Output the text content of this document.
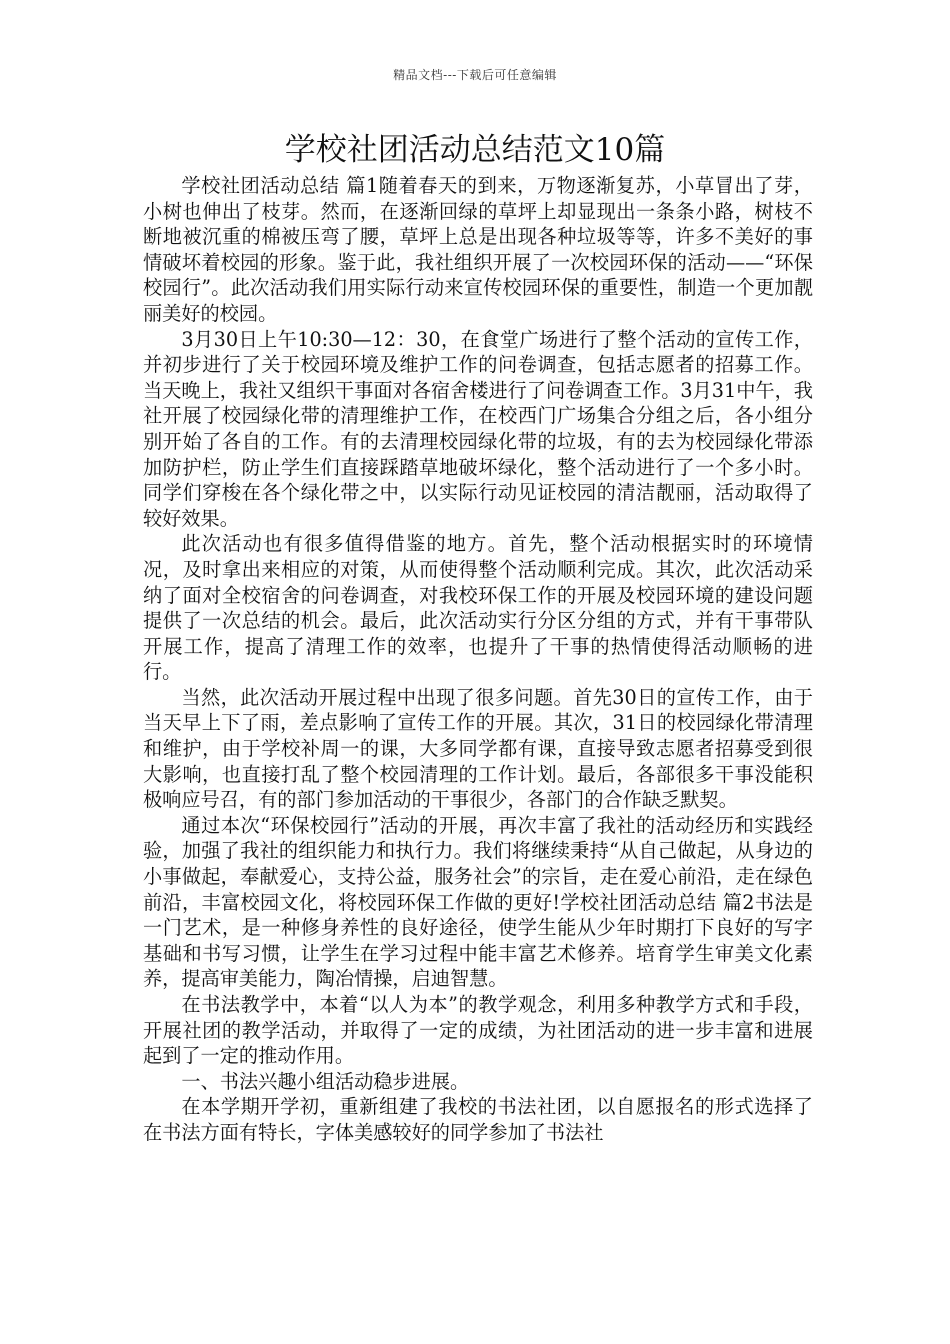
精品文档---下载后可任意编辑
学校社团活动总结范文10篇

学校社团活动总结 篇1随着春天的到来，万物逐渐复苏，小草冒出了芽，小树也伸出了枝芽。然而，在逐渐回绿的草坪上却显现出一条条小路，树枝不断地被沉重的棉被压弯了腰，草坪上总是出现各种垃圾等等，许多不美好的事情破坏着校园的形象。鉴于此，我社组织开展了一次校园环保的活动——“环保校园行”。此次活动我们用实际行动来宣传校园环保的重要性，制造一个更加靓丽美好的校园。

3月30日上午10:30—12：30，在食堂广场进行了整个活动的宣传工作，并初步进行了关于校园环境及维护工作的问卷调查，包括志愿者的招募工作。当天晚上，我社又组织干事面对各宿舍楼进行了问卷调查工作。3月31中午，我社开展了校园绿化带的清理维护工作，在校西门广场集合分组之后，各小组分别开始了各自的工作。有的去清理校园绿化带的垃圾，有的去为校园绿化带添加防护栏，防止学生们直接踩踏草地破坏绿化，整个活动进行了一个多小时。同学们穿梭在各个绿化带之中，以实际行动见证校园的清洁靓丽，活动取得了较好效果。

此次活动也有很多值得借鉴的地方。首先，整个活动根据实时的环境情况，及时拿出来相应的对策，从而使得整个活动顺利完成。其次，此次活动采纳了面对全校宿舍的问卷调查，对我校环保工作的开展及校园环境的建设问题提供了一次总结的机会。最后，此次活动实行分区分组的方式，并有干事带队开展工作，提高了清理工作的效率，也提升了干事的热情使得活动顺畅的进行。

当然，此次活动开展过程中出现了很多问题。首先30日的宣传工作，由于当天早上下了雨，差点影响了宣传工作的开展。其次，31日的校园绿化带清理和维护，由于学校补周一的课，大多同学都有课，直接导致志愿者招募受到很大影响，也直接打乱了整个校园清理的工作计划。最后，各部很多干事没能积极响应号召，有的部门参加活动的干事很少，各部门的合作缺乏默契。

通过本次“环保校园行”活动的开展，再次丰富了我社的活动经历和实践经验，加强了我社的组织能力和执行力。我们将继续秉持“从自己做起，从身边的小事做起，奉献爱心，支持公益，服务社会”的宗旨，走在爱心前沿，走在绿色前沿，丰富校园文化，将校园环保工作做的更好!学校社团活动总结 篇2书法是一门艺术，是一种修身养性的良好途径，使学生能从少年时期打下良好的写字基础和书写习惯，让学生在学习过程中能丰富艺术修养。培育学生审美文化素养，提高审美能力，陶冶情操，启迪智慧。

在书法教学中，本着“以人为本”的教学观念，利用多种教学方式和手段，开展社团的教学活动，并取得了一定的成绩，为社团活动的进一步丰富和进展起到了一定的推动作用。

一、书法兴趣小组活动稳步进展。

在本学期开学初，重新组建了我校的书法社团，以自愿报名的形式选择了在书法方面有特长，字体美感较好的同学参加了书法社
